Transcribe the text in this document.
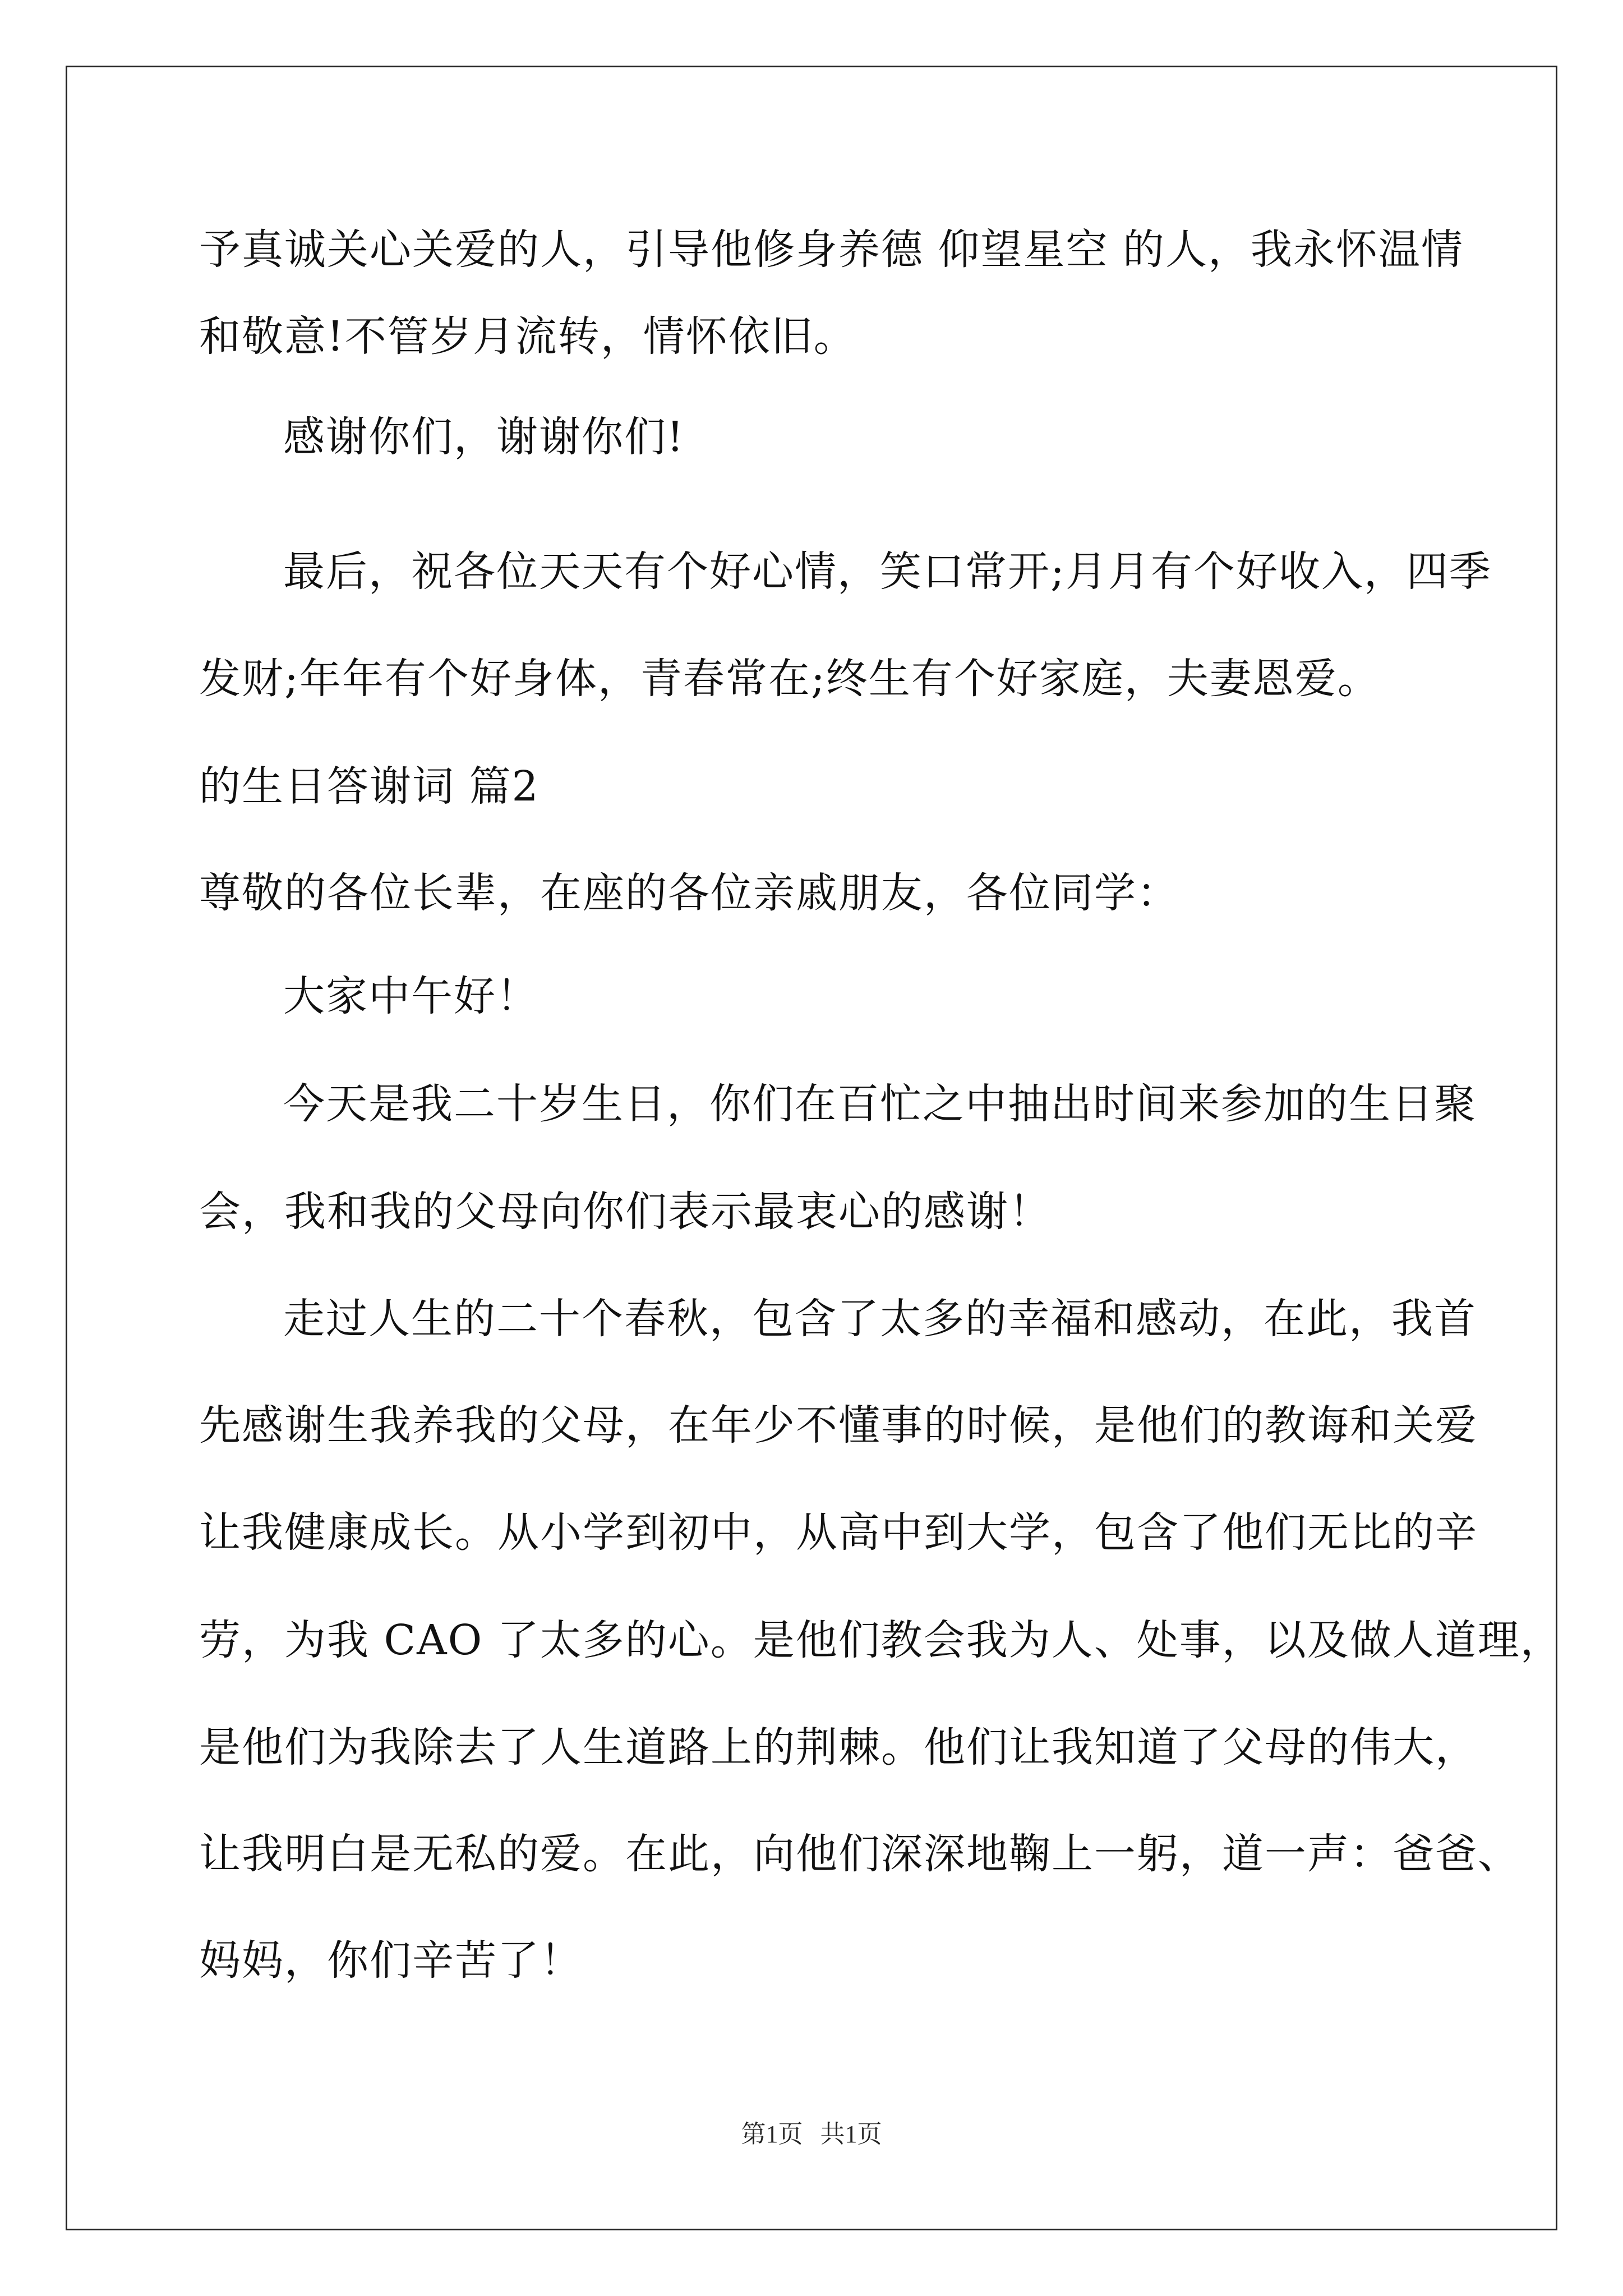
予真诚关心关爱的人，引导他修身养德 仰望星空 的人，我永怀温情
和敬意!不管岁月流转，情怀依旧。
感谢你们，谢谢你们!
最后，祝各位天天有个好心情，笑口常开;月月有个好收入，四季
发财;年年有个好身体，青春常在;终生有个好家庭，夫妻恩爱。
的生日答谢词 篇2
尊敬的各位长辈，在座的各位亲戚朋友，各位同学：
大家中午好！
今天是我二十岁生日，你们在百忙之中抽出时间来参加的生日聚
会，我和我的父母向你们表示最衷心的感谢！
走过人生的二十个春秋，包含了太多的幸福和感动，在此，我首
先感谢生我养我的父母，在年少不懂事的时候，是他们的教诲和关爱
让我健康成长。从小学到初中，从高中到大学，包含了他们无比的辛
劳，为我 CAO 了太多的心。是他们教会我为人、处事，以及做人道理，
是他们为我除去了人生道路上的荆棘。他们让我知道了父母的伟大，
让我明白是无私的爱。在此，向他们深深地鞠上一躬，道一声：爸爸、
妈妈，你们辛苦了！
第1页 共1页
